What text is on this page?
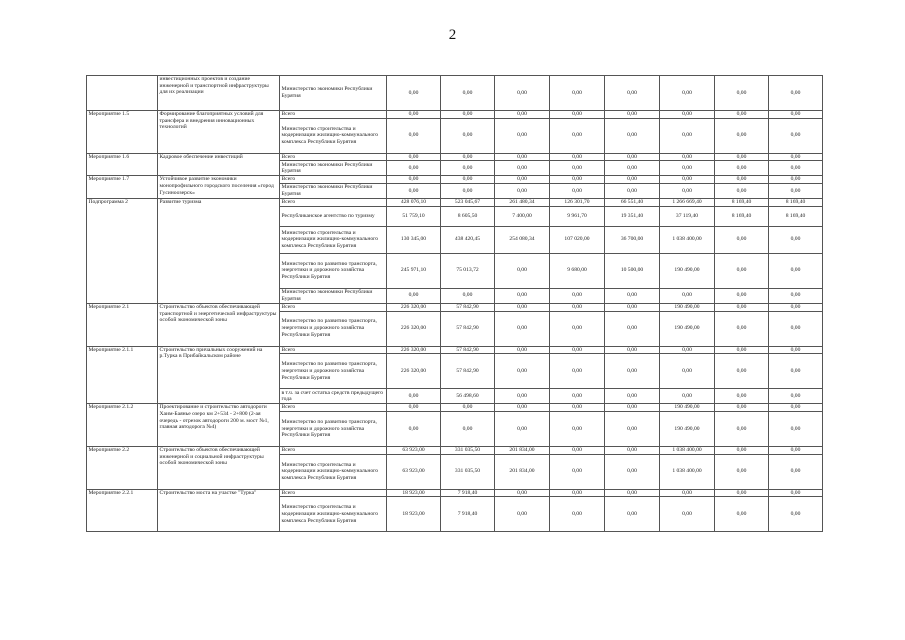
2
	инвестиционных проектов и создание инженерной и транспортной инфраструктуры для их реализации	Министерство экономики Республики Бурятия	0,00	0,00	0,00	0,00	0,00	0,00	0,00	0,00
Мероприятие 1.5	Формирование благоприятных условий для трансфера и внедрения инновационных технологий	Всего	0,00	0,00	0,00	0,00	0,00	0,00	0,00	0,00
		Министерство строительства и модернизации жилищно-коммунального комплекса Республики Бурятия	0,00	0,00	0,00	0,00	0,00	0,00	0,00	0,00
Мероприятие 1.6	Кадровое обеспечение инвестиций	Всего	0,00	0,00	0,00	0,00	0,00	0,00	0,00	0,00
		Министерство экономики Республики Бурятия	0,00	0,00	0,00	0,00	0,00	0,00	0,00	0,00
Мероприятие 1.7	Устойчивое развитие экономики монопрофильного городского поселения «город Гусиноозерск»	Всего	0,00	0,00	0,00	0,00	0,00	0,00	0,00	0,00
		Министерство экономики Республики Бурятия	0,00	0,00	0,00	0,00	0,00	0,00	0,00	0,00
Подпрограмма 2	Развитие туризма	Всего	428 076,10	523 045,67	261 480,34	126 301,70	66 551,40	1 266 669,40	8 169,40	8 169,40
		Республиканское агентство по туризму	51 759,10	8 605,50	7 400,00	9 961,70	19 351,40	37 119,40	8 169,40	8 169,40
		Министерство строительства и модернизации жилищно-коммунального комплекса Республики Бурятия	130 345,00	438 420,45	254 080,34	107 020,00	36 700,00	1 038 400,00	0,00	0,00
		Министерство по развитию транспорта, энергетики и дорожного хозяйства Республики Бурятия	245 971,10	75 013,72	0,00	9 680,00	10 500,00	190 490,00	0,00	0,00
		Министерство экономики Республики Бурятия	0,00	0,00	0,00	0,00	0,00	0,00	0,00	0,00
Мероприятие 2.1	Строительство объектов обеспечивающей транспортной и энергетической инфраструктуры особой экономической зоны	Всего	226 320,00	57 842,90	0,00	0,00	0,00	190 490,00	0,00	0,00
		Министерство по развитию транспорта, энергетики и дорожного хозяйства Республики Бурятия	226 320,00	57 842,90	0,00	0,00	0,00	190 490,00	0,00	0,00
Мероприятие 2.1.1	Строительство причальных сооружений на р.Турка в Прибайкальском районе	Всего	226 320,00	57 842,90	0,00	0,00	0,00	0,00	0,00	0,00
		Министерство по развитию транспорта, энергетики и дорожного хозяйства Республики Бурятия	226 320,00	57 842,90	0,00	0,00	0,00	0,00	0,00	0,00
		в т.ч. за счет остатка средств предыдущего года	0,00	56 498,60	0,00	0,00	0,00	0,00	0,00	0,00
Мероприятие 2.1.2	Проектирование и строительство автодороги Хаим-Баянье озеро км 2+534 - 2+800 (2-ая очередь - отрезок автодороги 200 м. мост №1, главная автодорога №4)	Всего	0,00	0,00	0,00	0,00	0,00	190 490,00	0,00	0,00
		Министерство по развитию транспорта, энергетики и дорожного хозяйства Республики Бурятия	0,00	0,00	0,00	0,00	0,00	190 490,00	0,00	0,00
Мероприятие 2.2	Строительство объектов обеспечивающей инженерной и социальной инфраструктуры особой экономической зоны	Всего	63 923,00	331 035,50	201 834,00	0,00	0,00	1 038 400,00	0,00	0,00
		Министерство строительства и модернизации жилищно-коммунального комплекса Республики Бурятия	63 923,00	331 035,50	201 834,00	0,00	0,00	1 038 400,00	0,00	0,00
Мероприятие 2.2.1	Строительство моста на участке "Турка"	Всего	18 923,00	7 918,40	0,00	0,00	0,00	0,00	0,00	0,00
		Министерство строительства и модернизации жилищно-коммунального комплекса Республики Бурятия	18 923,00	7 918,40	0,00	0,00	0,00	0,00	0,00	0,00
